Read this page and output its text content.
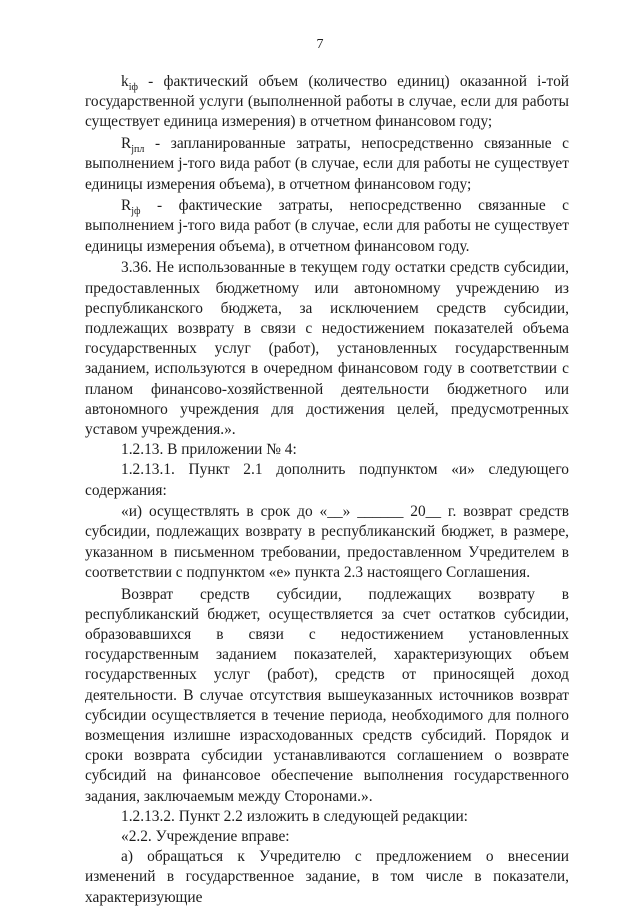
7

$k_{iф}$ - фактический объем (количество единиц) оказанной i-той государственной услуги (выполненной работы в случае, если для работы существует единица измерения) в отчетном финансовом году;

$R_{jпл}$ - запланированные затраты, непосредственно связанные с выполнением j-того вида работ (в случае, если для работы не существует единицы измерения объема), в отчетном финансовом году;

$R_{jф}$ - фактические затраты, непосредственно связанные с выполнением j-того вида работ (в случае, если для работы не существует единицы измерения объема), в отчетном финансовом году.

3.36. Не использованные в текущем году остатки средств субсидии, предоставленных бюджетному или автономному учреждению из республиканского бюджета, за исключением средств субсидии, подлежащих возврату в связи с недостижением показателей объема государственных услуг (работ), установленных государственным заданием, используются в очередном финансовом году в соответствии с планом финансово-хозяйственной деятельности бюджетного или автономного учреждения для достижения целей, предусмотренных уставом учреждения.».

1.2.13. В приложении № 4:

1.2.13.1. Пункт 2.1 дополнить подпунктом «и» следующего содержания:

«и) осуществлять в срок до «__» ______ 20__ г. возврат средств субсидии, подлежащих возврату в республиканский бюджет, в размере, указанном в письменном требовании, предоставленном Учредителем в соответствии с подпунктом «е» пункта 2.3 настоящего Соглашения.

Возврат средств субсидии, подлежащих возврату в республиканский бюджет, осуществляется за счет остатков субсидии, образовавшихся в связи с недостижением установленных государственным заданием показателей, характеризующих объем государственных услуг (работ), средств от приносящей доход деятельности. В случае отсутствия вышеуказанных источников возврат субсидии осуществляется в течение периода, необходимого для полного возмещения излишне израсходованных средств субсидий. Порядок и сроки возврата субсидии устанавливаются соглашением о возврате субсидий на финансовое обеспечение выполнения государственного задания, заключаемым между Сторонами.».

1.2.13.2. Пункт 2.2 изложить в следующей редакции:

«2.2. Учреждение вправе:

а) обращаться к Учредителю с предложением о внесении изменений в государственное задание, в том числе в показатели, характеризующие
